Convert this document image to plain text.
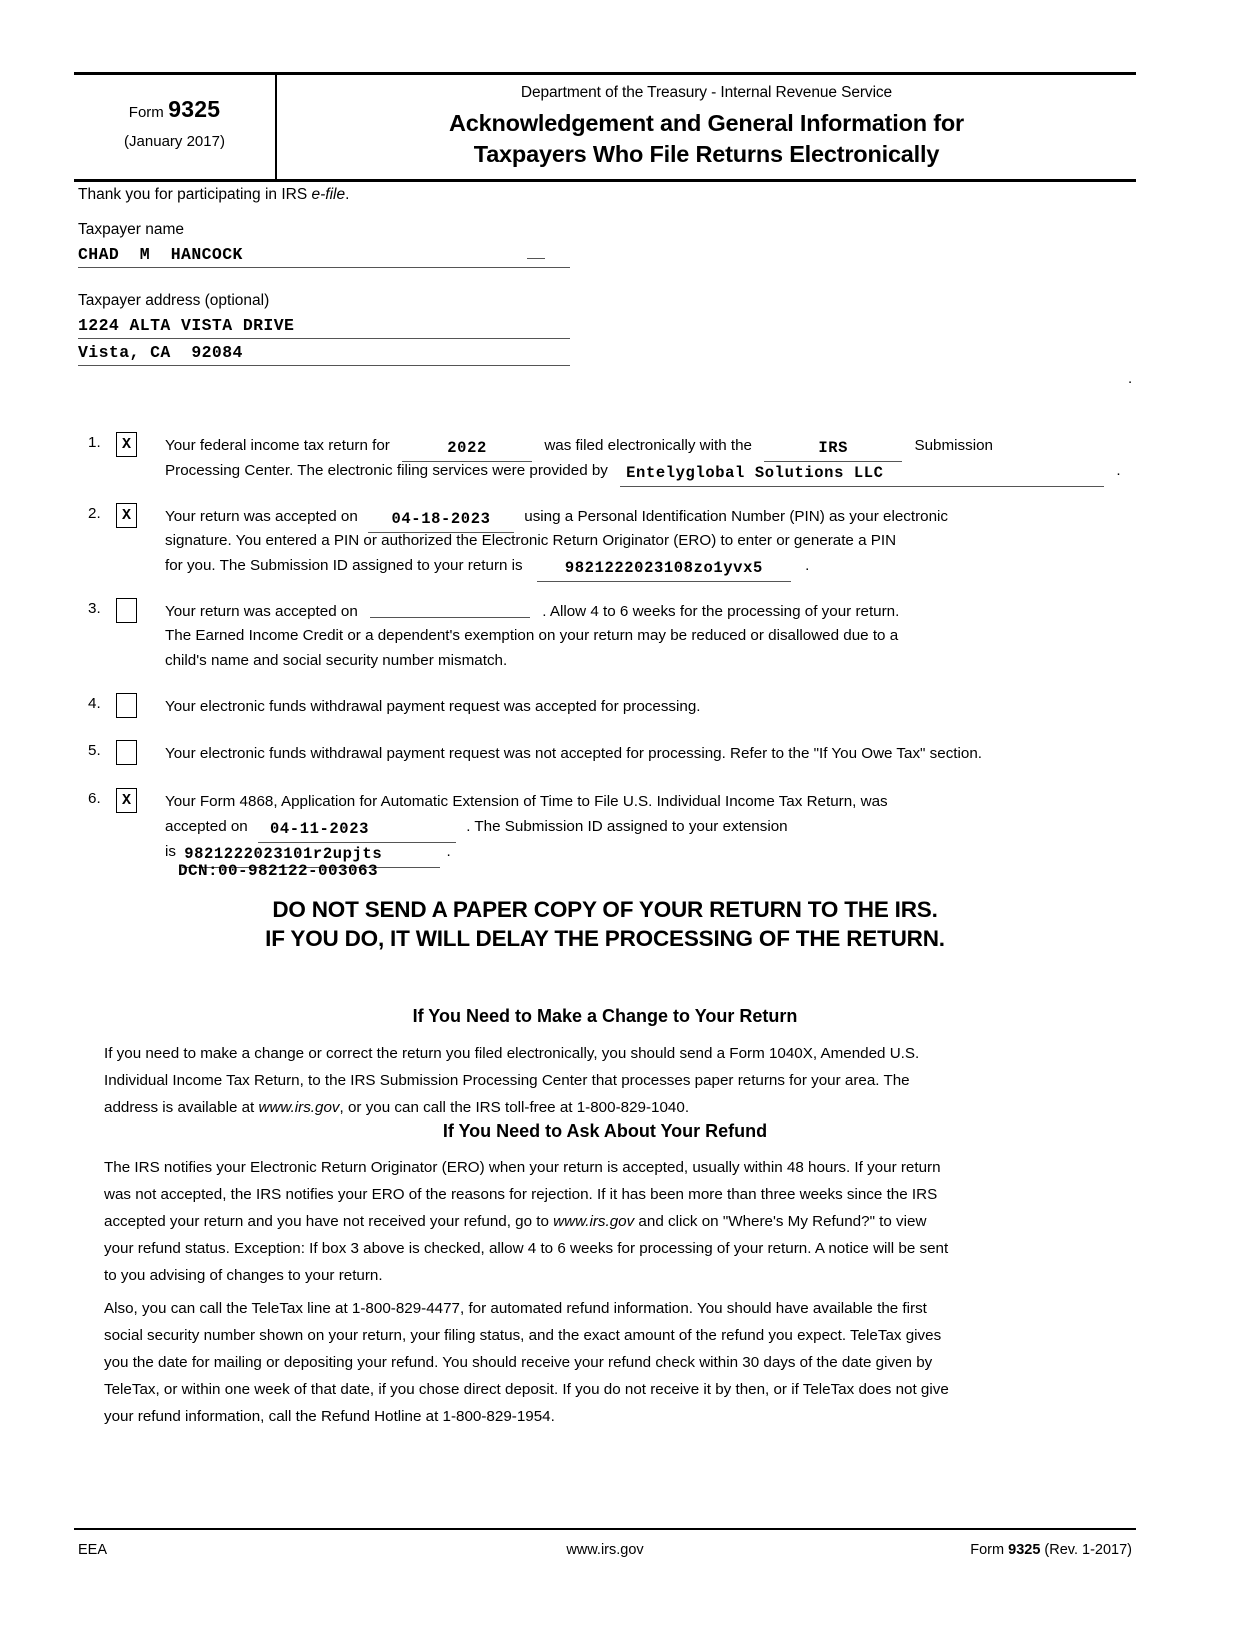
Form 9325
(January 2017)
Department of the Treasury - Internal Revenue Service
Acknowledgement and General Information for
Taxpayers Who File Returns Electronically
Thank you for participating in IRS e-file.
Taxpayer name
CHAD  M  HANCOCK
Taxpayer address (optional)
1224 ALTA VISTA DRIVE
Vista, CA  92084
.
1.	X	Your federal income tax return for	2022	was filed electronically with the	IRS	Submission
Processing Center. The electronic filing services were provided by Entelyglobal Solutions LLC	.
2.	X	Your return was accepted on 04-18-2023 using a Personal Identification Number (PIN) as your electronic
signature. You entered a PIN or authorized the Electronic Return Originator (ERO) to enter or generate a PIN
for you. The Submission ID assigned to your return is	9821222023108zo1yvx5	.
3.	Your return was accepted on	. Allow 4 to 6 weeks for the processing of your return.
The Earned Income Credit or a dependent's exemption on your return may be reduced or disallowed due to a
child's name and social security number mismatch.
4.	Your electronic funds withdrawal payment request was accepted for processing.
5.	Your electronic funds withdrawal payment request was not accepted for processing. Refer to the "If You Owe Tax" section.
6.	X	Your Form 4868, Application for Automatic Extension of Time to File U.S. Individual Income Tax Return, was
accepted on 04-11-2023	. The Submission ID assigned to your extension
is 9821222023101r2upjts	.
DCN:00-982122-003063
DO NOT SEND A PAPER COPY OF YOUR RETURN TO THE IRS.
IF YOU DO, IT WILL DELAY THE PROCESSING OF THE RETURN.
If You Need to Make a Change to Your Return
If you need to make a change or correct the return you filed electronically, you should send a Form 1040X, Amended U.S. Individual Income Tax Return, to the IRS Submission Processing Center that processes paper returns for your area. The address is available at www.irs.gov, or you can call the IRS toll-free at 1-800-829-1040.
If You Need to Ask About Your Refund
The IRS notifies your Electronic Return Originator (ERO) when your return is accepted, usually within 48 hours. If your return was not accepted, the IRS notifies your ERO of the reasons for rejection. If it has been more than three weeks since the IRS accepted your return and you have not received your refund, go to www.irs.gov and click on "Where's My Refund?" to view your refund status. Exception: If box 3 above is checked, allow 4 to 6 weeks for processing of your return. A notice will be sent to you advising of changes to your return.
Also, you can call the TeleTax line at 1-800-829-4477, for automated refund information. You should have available the first social security number shown on your return, your filing status, and the exact amount of the refund you expect. TeleTax gives you the date for mailing or depositing your refund. You should receive your refund check within 30 days of the date given by TeleTax, or within one week of that date, if you chose direct deposit. If you do not receive it by then, or if TeleTax does not give your refund information, call the Refund Hotline at 1-800-829-1954.
EEA	www.irs.gov	Form 9325 (Rev. 1-2017)
